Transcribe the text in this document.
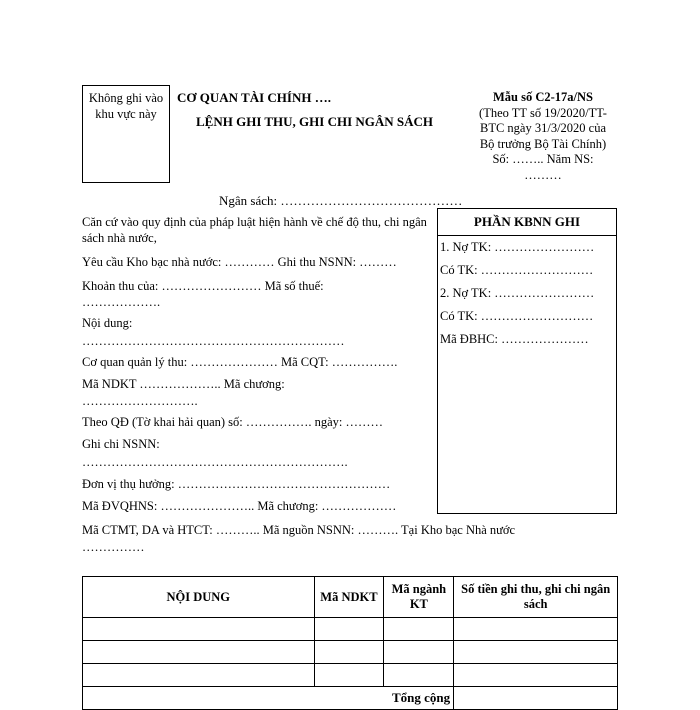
Không ghi vào
khu vực này
CƠ QUAN TÀI CHÍNH ….
LỆNH GHI THU, GHI CHI NGÂN SÁCH
Mẫu số C2-17a/NS
(Theo TT số 19/2020/TT-
BTC ngày 31/3/2020 của
Bộ trưởng Bộ Tài Chính)
Số: …….. Năm NS:
………
Ngân sách: ……………………………………
Căn cứ vào quy định của pháp luật hiện hành về chế độ thu, chi ngân sách nhà nước,
Yêu cầu Kho bạc nhà nước: ………… Ghi thu NSNN: ………
Khoản thu của: …………………… Mã số thuế:
……………….
Nội dung:
………………………………………………………
Cơ quan quản lý thu: ………………… Mã CQT: …………….
Mã NDKT ……………….. Mã chương:
……………………….
Theo QĐ (Tờ khai hải quan) số: ……………. ngày: ………
Ghi chi NSNN:
……………………………………………………….
Đơn vị thụ hưởng: ……………………………………………
Mã ĐVQHNS: ………………….. Mã chương: ………………
PHẦN KBNN GHI
1. Nợ TK: ……………………
Có TK: ………………………
2. Nợ TK: ……………………
Có TK: ………………………
Mã ĐBHC: …………………
Mã CTMT, DA và HTCT: ……….. Mã nguồn NSNN: ………. Tại Kho bạc Nhà nước
……………
NỘI DUNG	Mã NDKT	Mã ngành KT	Số tiền ghi thu, ghi chi ngân sách

Tổng cộng
